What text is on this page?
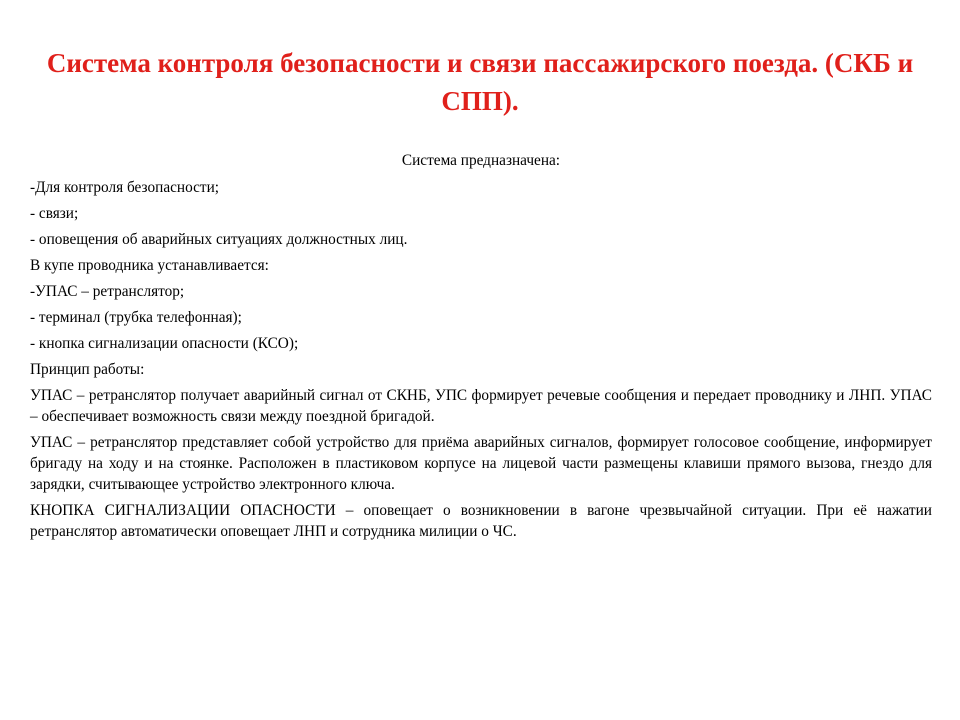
Система контроля безопасности и связи пассажирского поезда. (СКБ и СПП).
Система предназначена:
-Для контроля безопасности;
- связи;
- оповещения об аварийных ситуациях должностных лиц.
В купе проводника устанавливается:
-УПАС – ретранслятор;
- терминал (трубка телефонная);
- кнопка сигнализации опасности (КСО);
Принцип работы:
УПАС – ретранслятор получает аварийный сигнал от СКНБ, УПС формирует речевые сообщения и передает проводнику и ЛНП. УПАС – обеспечивает возможность связи между поездной бригадой.
УПАС – ретранслятор представляет собой устройство для приёма аварийных сигналов, формирует голосовое сообщение, информирует бригаду на ходу и на стоянке. Расположен в пластиковом корпусе на лицевой части размещены клавиши прямого вызова, гнездо для зарядки, считывающее устройство электронного ключа.
КНОПКА СИГНАЛИЗАЦИИ ОПАСНОСТИ – оповещает о возникновении в вагоне чрезвычайной ситуации. При её нажатии ретранслятор автоматически оповещает ЛНП и сотрудника милиции о ЧС.
